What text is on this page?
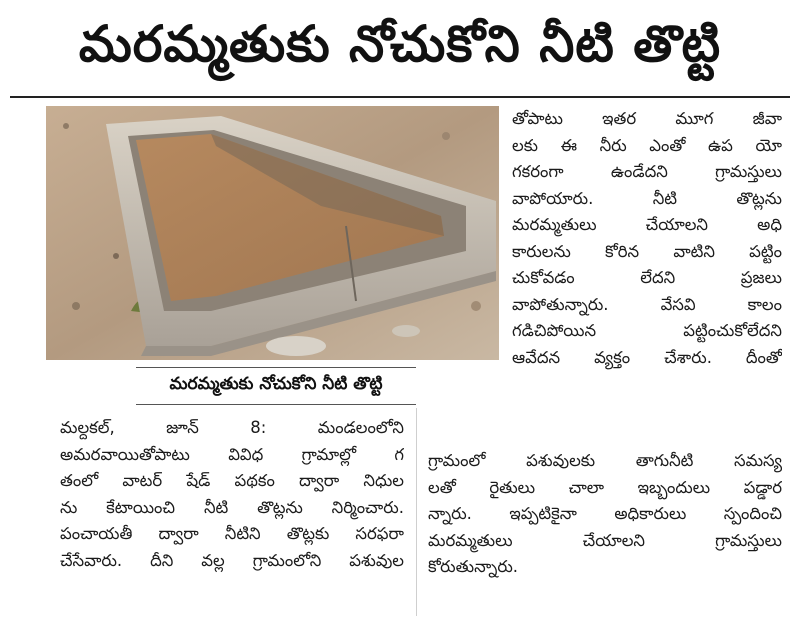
మరమ్మతుకు నోచుకోని నీటి తొట్టి
మరమ్మతుకు నోచుకోని నీటి తొట్టి
తోపాటు ఇతర మూగ జీవా
లకు ఈ నీరు ఎంతో ఉప యో
గకరంగా ఉండేదని గ్రామస్తులు
వాపోయారు. నీటి తొట్లను
మరమ్మతులు చేయాలని అధి
కారులను కోరిన వాటిని పట్టిం
చుకోవడం లేదని ప్రజలు
వాపోతున్నారు. వేసవి కాలం
గడిచిపోయిన పట్టించుకోలేదని
ఆవేదన వ్యక్తం చేశారు. దీంతో
మల్దకల్, జూన్ 8: మండలంలోని
అమరవాయితోపాటు వివిధ గ్రామాల్లో గ
తంలో వాటర్ షేడ్ పథకం ద్వారా నిధుల
ను కేటాయించి నీటి తొట్లను నిర్మించారు.
పంచాయతీ ద్వారా నీటిని తొట్లకు సరఫరా
చేసేవారు. దీని వల్ల గ్రామంలోని పశువుల
గ్రామంలో పశువులకు తాగునీటి సమస్య
లతో రైతులు చాలా ఇబ్బందులు పడ్డార
న్నారు. ఇప్పటికైనా అధికారులు స్పందించి
మరమ్మతులు చేయాలని గ్రామస్తులు
కోరుతున్నారు.
